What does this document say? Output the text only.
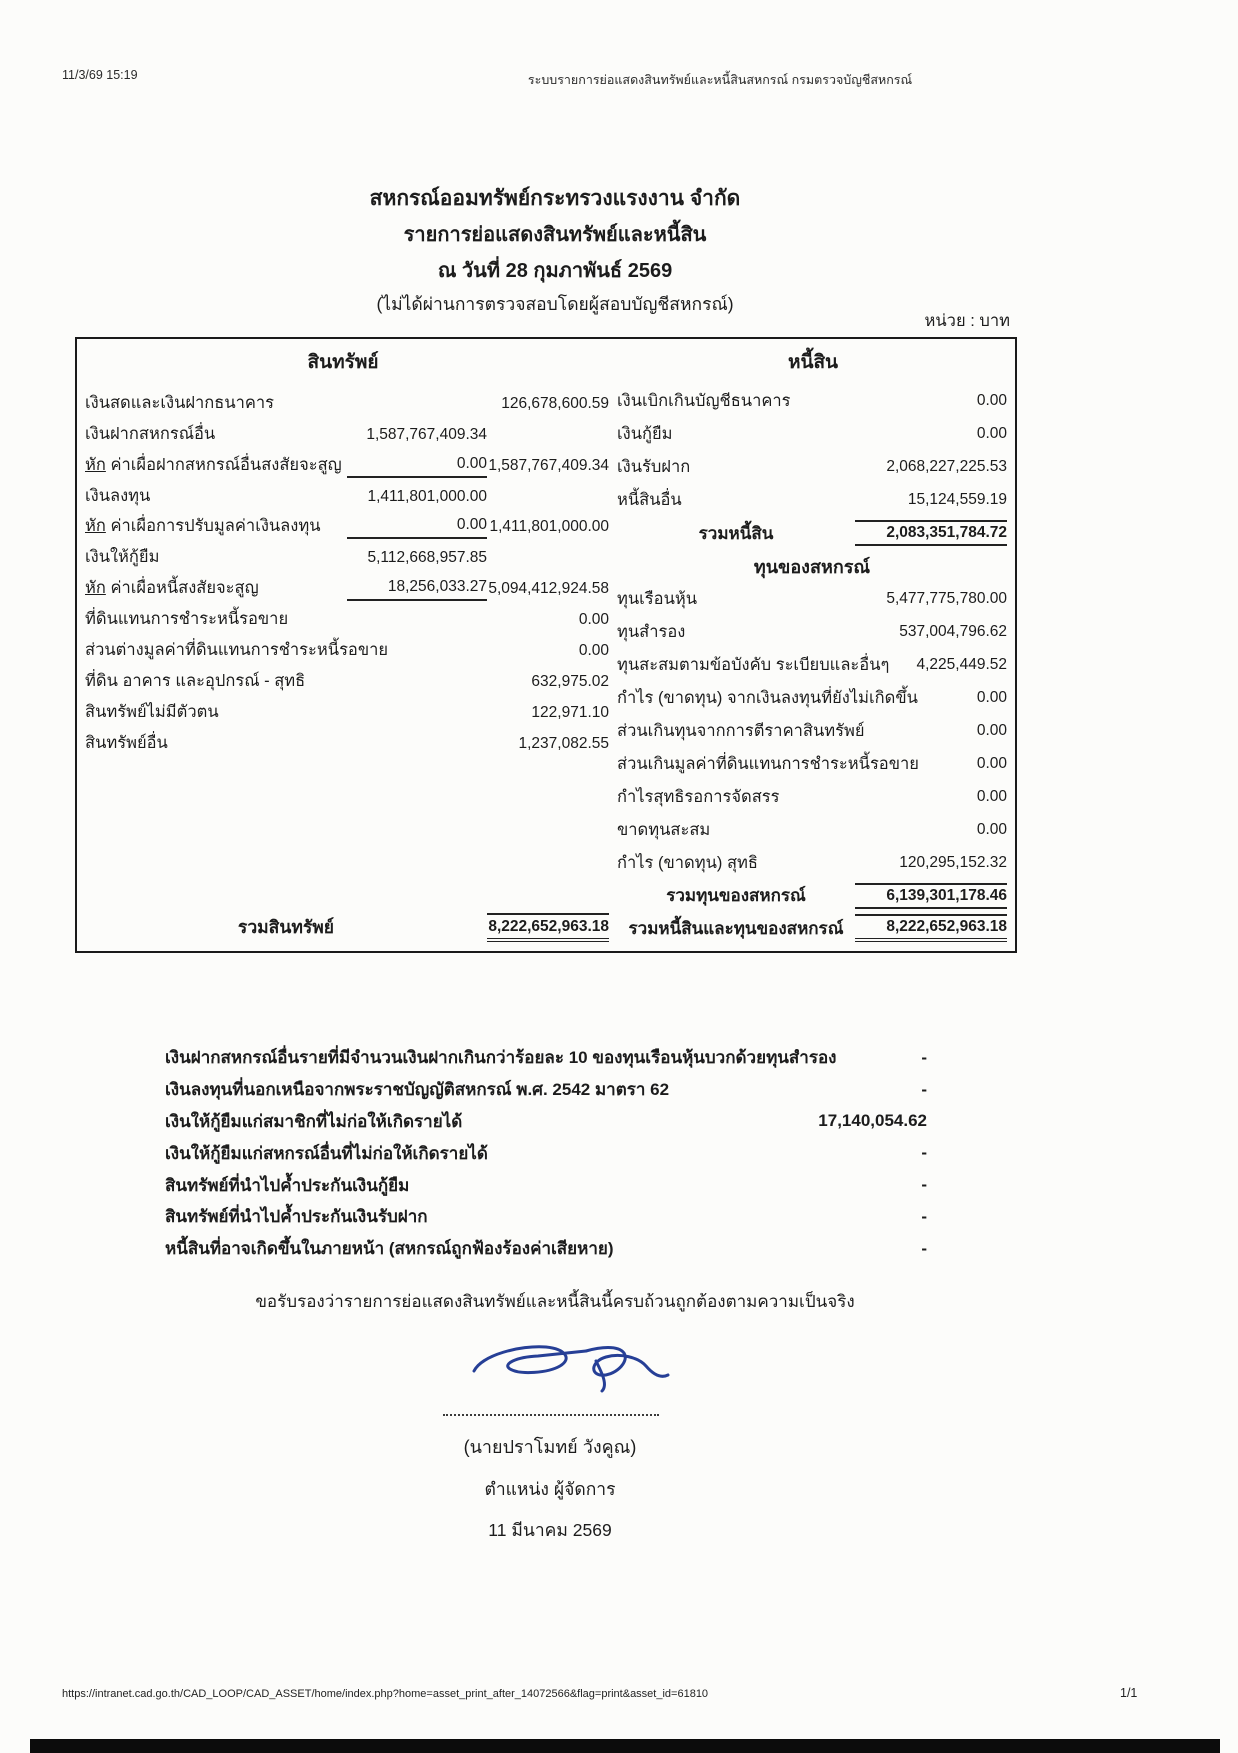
11/3/69 15:19	ระบบรายการย่อแสดงสินทรัพย์และหนี้สินสหกรณ์ กรมตรวจบัญชีสหกรณ์
สหกรณ์ออมทรัพย์กระทรวงแรงงาน จำกัด
รายการย่อแสดงสินทรัพย์และหนี้สิน
ณ วันที่ 28 กุมภาพันธ์ 2569
(ไม่ได้ผ่านการตรวจสอบโดยผู้สอบบัญชีสหกรณ์)
หน่วย : บาท
สินทรัพย์	หนี้สิน
เงินสดและเงินฝากธนาคาร	126,678,600.59
เงินฝากสหกรณ์อื่น	1,587,767,409.34
หัก ค่าเผื่อฝากสหกรณ์อื่นสงสัยจะสูญ	0.00 1,587,767,409.34
เงินลงทุน	1,411,801,000.00
หัก ค่าเผื่อการปรับมูลค่าเงินลงทุน	0.00 1,411,801,000.00
เงินให้กู้ยืม	5,112,668,957.85
หัก ค่าเผื่อหนี้สงสัยจะสูญ	18,256,033.27 5,094,412,924.58
ที่ดินแทนการชำระหนี้รอขาย	0.00
ส่วนต่างมูลค่าที่ดินแทนการชำระหนี้รอขาย	0.00
ที่ดิน อาคาร และอุปกรณ์ - สุทธิ	632,975.02
สินทรัพย์ไม่มีตัวตน	122,971.10
สินทรัพย์อื่น	1,237,082.55
รวมสินทรัพย์	8,222,652,963.18
เงินเบิกเกินบัญชีธนาคาร	0.00
เงินกู้ยืม	0.00
เงินรับฝาก	2,068,227,225.53
หนี้สินอื่น	15,124,559.19
รวมหนี้สิน	2,083,351,784.72
ทุนของสหกรณ์
ทุนเรือนหุ้น	5,477,775,780.00
ทุนสำรอง	537,004,796.62
ทุนสะสมตามข้อบังคับ ระเบียบและอื่นๆ	4,225,449.52
กำไร (ขาดทุน) จากเงินลงทุนที่ยังไม่เกิดขึ้น	0.00
ส่วนเกินทุนจากการตีราคาสินทรัพย์	0.00
ส่วนเกินมูลค่าที่ดินแทนการชำระหนี้รอขาย	0.00
กำไรสุทธิรอการจัดสรร	0.00
ขาดทุนสะสม	0.00
กำไร (ขาดทุน) สุทธิ	120,295,152.32
รวมทุนของสหกรณ์	6,139,301,178.46
รวมหนี้สินและทุนของสหกรณ์	8,222,652,963.18
เงินฝากสหกรณ์อื่นรายที่มีจำนวนเงินฝากเกินกว่าร้อยละ 10 ของทุนเรือนหุ้นบวกด้วยทุนสำรอง	-
เงินลงทุนที่นอกเหนือจากพระราชบัญญัติสหกรณ์ พ.ศ. 2542 มาตรา 62	-
เงินให้กู้ยืมแก่สมาชิกที่ไม่ก่อให้เกิดรายได้	17,140,054.62
เงินให้กู้ยืมแก่สหกรณ์อื่นที่ไม่ก่อให้เกิดรายได้	-
สินทรัพย์ที่นำไปค้ำประกันเงินกู้ยืม	-
สินทรัพย์ที่นำไปค้ำประกันเงินรับฝาก	-
หนี้สินที่อาจเกิดขึ้นในภายหน้า (สหกรณ์ถูกฟ้องร้องค่าเสียหาย)	-
ขอรับรองว่ารายการย่อแสดงสินทรัพย์และหนี้สินนี้ครบถ้วนถูกต้องตามความเป็นจริง
(นายปราโมทย์ วังคูณ)
ตำแหน่ง ผู้จัดการ
11 มีนาคม 2569
https://intranet.cad.go.th/CAD_LOOP/CAD_ASSET/home/index.php?home=asset_print_after_14072566&flag=print&asset_id=61810	1/1
